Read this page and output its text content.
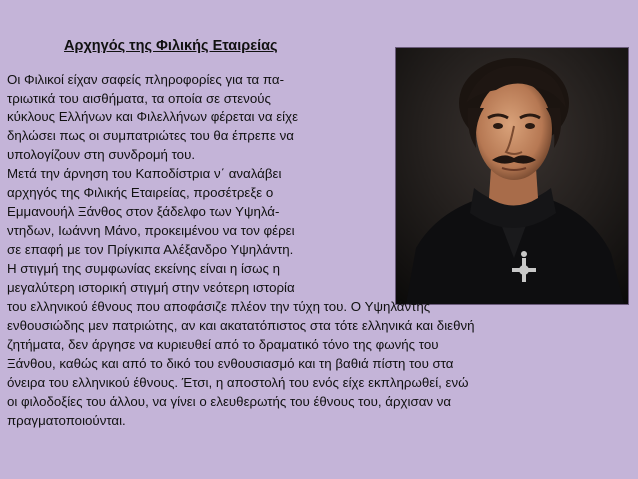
Αρχηγός της Φιλικής Εταιρείας
Οι Φιλικοί είχαν σαφείς πληροφορίες για τα πα-
τριωτικά του αισθήματα, τα οποία σε στενούς
κύκλους Ελλήνων και Φιλελλήνων φέρεται να είχε
δηλώσει πως οι συμπατριώτες του θα έπρεπε να
υπολογίζουν στη συνδρομή του.
Μετά την άρνηση του Καποδίστρια ν΄ αναλάβει
αρχηγός της Φιλικής Εταιρείας, προσέτρεξε ο
Εμμανουήλ Ξάνθος στον ξάδελφο των Υψηλά-
ντηδων, Ιωάννη Μάνο, προκειμένου να τον φέρει
σε επαφή με τον Πρίγκιπα Αλέξανδρο Υψηλάντη.
Η στιγμή της συμφωνίας εκείνης είναι η ίσως η
μεγαλύτερη ιστορική στιγμή στην νεότερη ιστορία
του ελληνικού έθνους που αποφάσιζε πλέον την τύχη του. Ο Υψηλάντης
ενθουσιώδης μεν πατριώτης, αν και ακατατόπιστος στα τότε ελληνικά και διεθνή
ζητήματα, δεν άργησε να κυριευθεί από το δραματικό τόνο της φωνής του
Ξάνθου, καθώς και από το δικό του ενθουσιασμό και τη βαθιά πίστη του στα
όνειρα του ελληνικού έθνους. Έτσι, η αποστολή του ενός είχε εκπληρωθεί, ενώ
οι φιλοδοξίες του άλλου, να γίνει ο ελευθερωτής του έθνους του, άρχισαν να
πραγματοποιούνται.
